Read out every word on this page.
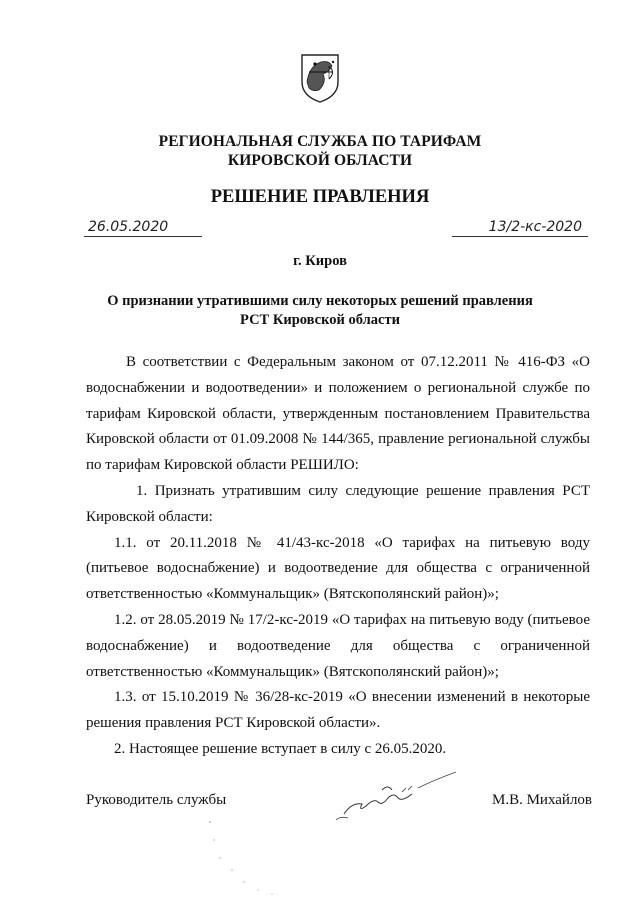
РЕГИОНАЛЬНАЯ СЛУЖБА ПО ТАРИФАМ
КИРОВСКОЙ ОБЛАСТИ
РЕШЕНИЕ ПРАВЛЕНИЯ
26.05.2020	13/2-кс-2020
г. Киров
О признании утратившими силу некоторых решений правления
РСТ Кировской области

В соответствии с Федеральным законом от 07.12.2011 № 416-ФЗ «О водоснабжении и водоотведении» и положением о региональной службе по тарифам Кировской области, утвержденным постановлением Правительства Кировской области от 01.09.2008 № 144/365, правление региональной службы по тарифам Кировской области РЕШИЛО:

1. Признать утратившим силу следующие решение правления РСТ Кировской области:

1.1. от 20.11.2018 № 41/43-кс-2018 «О тарифах на питьевую воду (питьевое водоснабжение) и водоотведение для общества с ограниченной ответственностью «Коммунальщик» (Вятскополянский район)»;

1.2. от 28.05.2019 № 17/2-кс-2019 «О тарифах на питьевую воду (питьевое водоснабжение) и водоотведение для общества с ограниченной ответственностью «Коммунальщик» (Вятскополянский район)»;

1.3. от 15.10.2019 № 36/28-кс-2019 «О внесении изменений в некоторые решения правления РСТ Кировской области».

2. Настоящее решение вступает в силу с 26.05.2020.

Руководитель службы	М.В. Михайлов
